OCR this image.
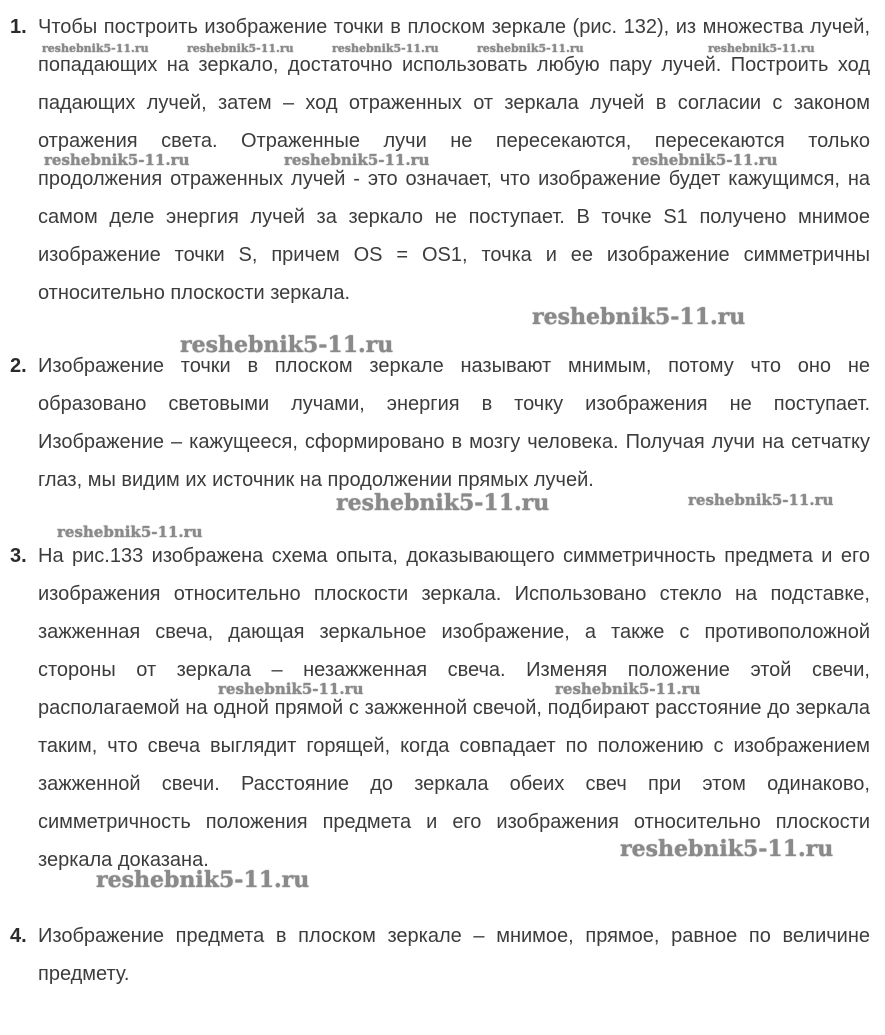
1. Чтобы построить изображение точки в плоском зеркале (рис. 132), из множества лучей, попадающих на зеркало, достаточно использовать любую пару лучей. Построить ход падающих лучей, затем – ход отраженных от зеркала лучей в согласии с законом отражения света. Отраженные лучи не пересекаются, пересекаются только продолжения отраженных лучей - это означает, что изображение будет кажущимся, на самом деле энергия лучей за зеркало не поступает. В точке S1 получено мнимое изображение точки S, причем OS = OS1, точка и ее изображение симметричны относительно плоскости зеркала.
2. Изображение точки в плоском зеркале называют мнимым, потому что оно не образовано световыми лучами, энергия в точку изображения не поступает. Изображение – кажущееся, сформировано в мозгу человека. Получая лучи на сетчатку глаз, мы видим их источник на продолжении прямых лучей.
3. На рис.133 изображена схема опыта, доказывающего симметричность предмета и его изображения относительно плоскости зеркала. Использовано стекло на подставке, зажженная свеча, дающая зеркальное изображение, а также с противоположной стороны от зеркала – незажженная свеча. Изменяя положение этой свечи, располагаемой на одной прямой с зажженной свечой, подбирают расстояние до зеркала таким, что свеча выглядит горящей, когда совпадает по положению с изображением зажженной свечи. Расстояние до зеркала обеих свеч при этом одинаково, симметричность положения предмета и его изображения относительно плоскости зеркала доказана.
4. Изображение предмета в плоском зеркале – мнимое, прямое, равное по величине предмету.
reshebnik5-11.ru	reshebnik5-11.ru	reshebnik5-11.ru	reshebnik5-11.ru	reshebnik5-11.ru
reshebnik5-11.ru	reshebnik5-11.ru	reshebnik5-11.ru
reshebnik5-11.ru
reshebnik5-11.ru
reshebnik5-11.ru	reshebnik5-11.ru
reshebnik5-11.ru
reshebnik5-11.ru	reshebnik5-11.ru
reshebnik5-11.ru
reshebnik5-11.ru
